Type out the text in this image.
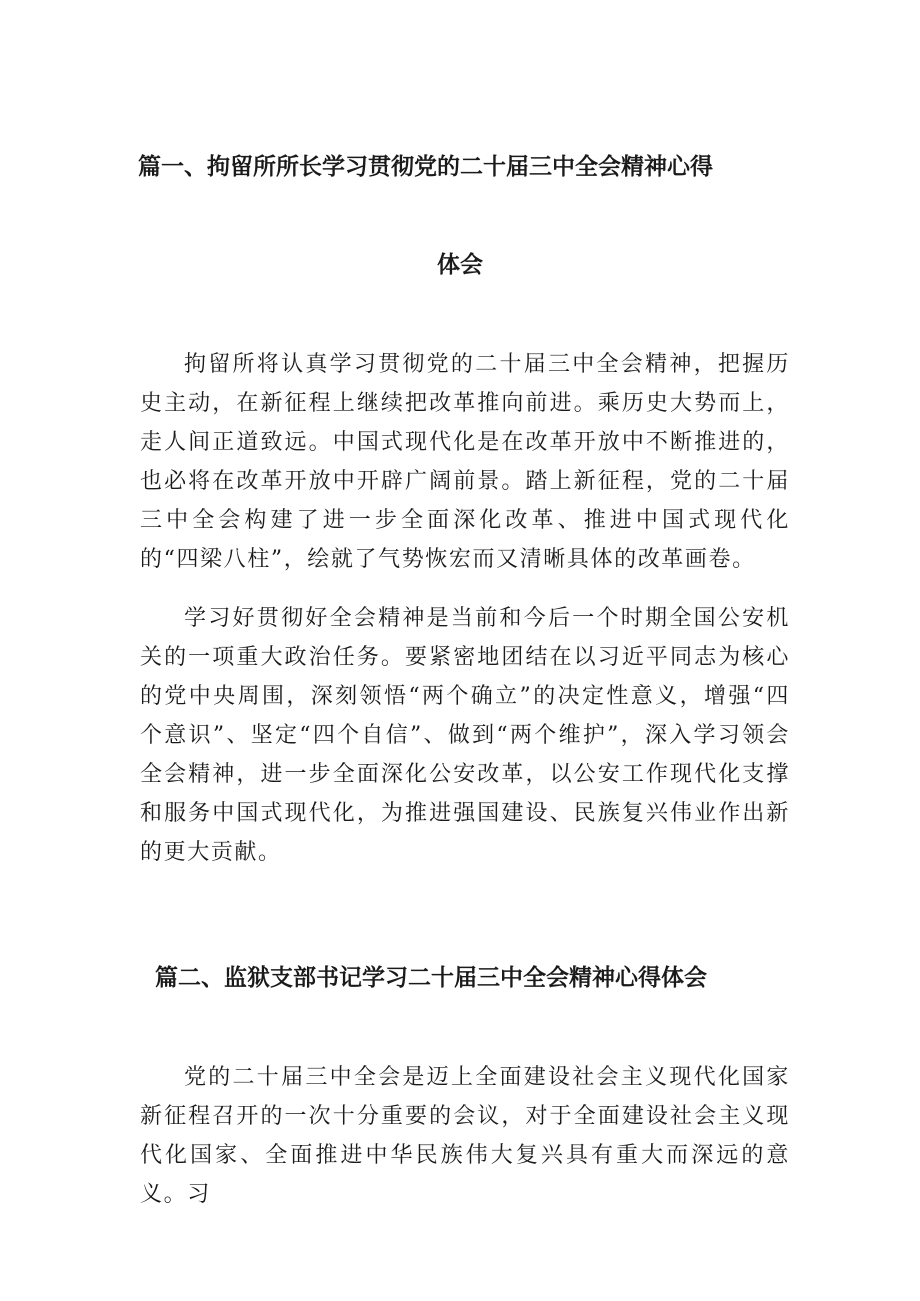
篇一、拘留所所长学习贯彻党的二十届三中全会精神心得
体会

拘留所将认真学习贯彻党的二十届三中全会精神，把握历史主动，在新征程上继续把改革推向前进。乘历史大势而上，走人间正道致远。中国式现代化是在改革开放中不断推进的，也必将在改革开放中开辟广阔前景。踏上新征程，党的二十届三中全会构建了进一步全面深化改革、推进中国式现代化的“四梁八柱”，绘就了气势恢宏而又清晰具体的改革画卷。

学习好贯彻好全会精神是当前和今后一个时期全国公安机关的一项重大政治任务。要紧密地团结在以习近平同志为核心的党中央周围，深刻领悟“两个确立”的决定性意义，增强“四个意识”、坚定“四个自信”、做到“两个维护”，深入学习领会全会精神，进一步全面深化公安改革，以公安工作现代化支撑和服务中国式现代化，为推进强国建设、民族复兴伟业作出新的更大贡献。

篇二、监狱支部书记学习二十届三中全会精神心得体会

党的二十届三中全会是迈上全面建设社会主义现代化国家新征程召开的一次十分重要的会议，对于全面建设社会主义现代化国家、全面推进中华民族伟大复兴具有重大而深远的意义。习
